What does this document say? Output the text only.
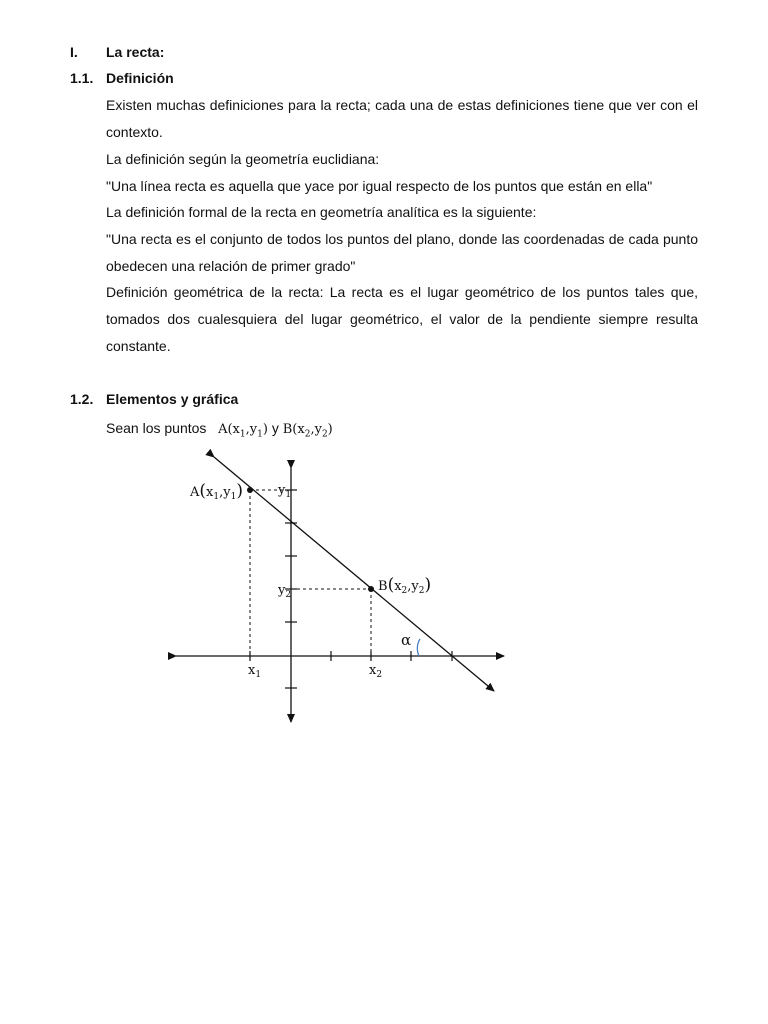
I. La recta:
1.1. Definición

Existen muchas definiciones para la recta; cada una de estas definiciones tiene que ver con el contexto.

La definición según la geometría euclidiana:

"Una línea recta es aquella que yace por igual respecto de los puntos que están en ella"

La definición formal de la recta en geometría analítica es la siguiente:

"Una recta es el conjunto de todos los puntos del plano, donde las coordenadas de cada punto obedecen una relación de primer grado"

Definición geométrica de la recta: La recta es el lugar geométrico de los puntos tales que, tomados dos cualesquiera del lugar geométrico, el valor de la pendiente siempre resulta constante.

1.2. Elementos y gráfica
Sean los puntos $A(x_1,y_1)$ y $B(x_2,y_2)$
$A(x_1,y_1)$	$y_1$
$y_2$
$B(x_2,y_2)$
$x_1$	$x_2$
α
